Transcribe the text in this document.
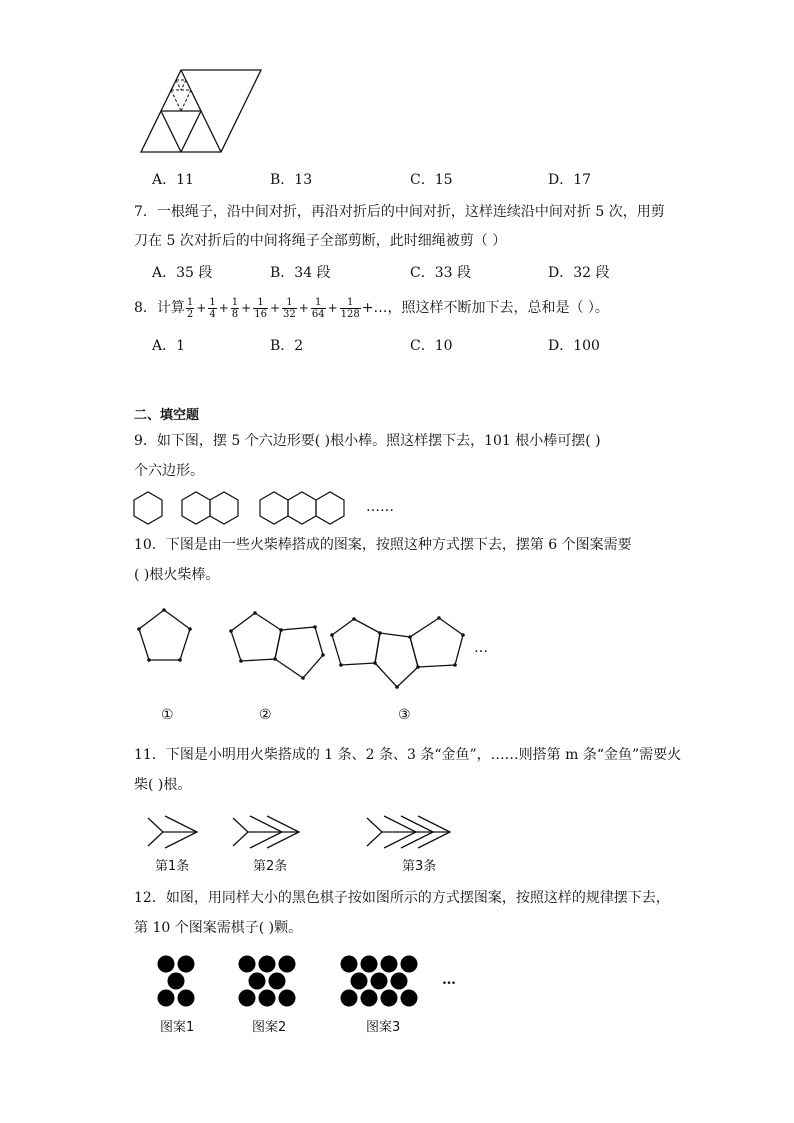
A．11	B．13	C．15	D．17
7．一根绳子，沿中间对折，再沿对折后的中间对折，这样连续沿中间对折 5 次，用剪
刀在 5 次对折后的中间将绳子全部剪断，此时细绳被剪（ ）
A．35 段	B．34 段	C．33 段	D．32 段
8．计算 $\frac{1}{2} + \frac{1}{4} + \frac{1}{8} + \frac{1}{16} + \frac{1}{32} + \frac{1}{64} + \frac{1}{128}$ +…，照这样不断加下去，总和是（ ）。
A．1	B．2	C．10	D．100
二、填空题
9．如下图，摆 5 个六边形要( )根小棒。照这样摆下去，101 根小棒可摆( )
个六边形。
……
10．下图是由一些火柴棒搭成的图案，按照这种方式摆下去，摆第 6 个图案需要
( )根火柴棒。
…
①	②	③
11．下图是小明用火柴搭成的 1 条、2 条、3 条“金鱼”，……则搭第 m 条“金鱼”需要火
柴( )根。
第1条	第2条	第3条
12．如图，用同样大小的黑色棋子按如图所示的方式摆图案，按照这样的规律摆下去，
第 10 个图案需棋子( )颗。
…
图案1	图案2	图案3
